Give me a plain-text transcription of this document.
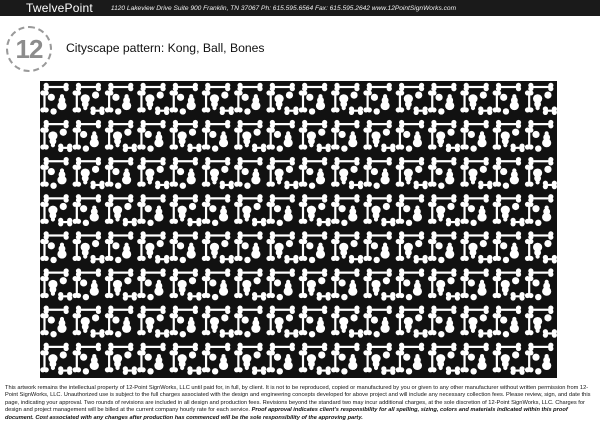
TwelvePoint	1120 Lakeview Drive Suite 900 Franklin, TN 37067 Ph: 615.595.6564 Fax: 615.595.2642 www.12PointSignWorks.com
12	Cityscape pattern: Kong, Ball, Bones
This artwork remains the intellectual property of 12-Point SignWorks, LLC until paid for, in full, by client. It is not to be reproduced, copied or manufactured by you or given to any other manufacturer without written permission from 12-Point SignWorks, LLC. Unauthorized use is subject to the full charges associated with the design and engineering concepts developed for above project and will include any necessary collection fees. Please review, sign, and date this page, indicating your approval. Two rounds of revisions are included in all design and production fees. Revisions beyond the standard two may incur additional charges, at the sole discretion of 12-Point SignWorks, LLC. Charges for design and project management will be billed at the current company hourly rate for each service. Proof approval indicates client's responsibility for all spelling, sizing, colors and materials indicated within this proof document. Cost associated with any changes after production has commenced will be the sole responsibility of the approving party.
